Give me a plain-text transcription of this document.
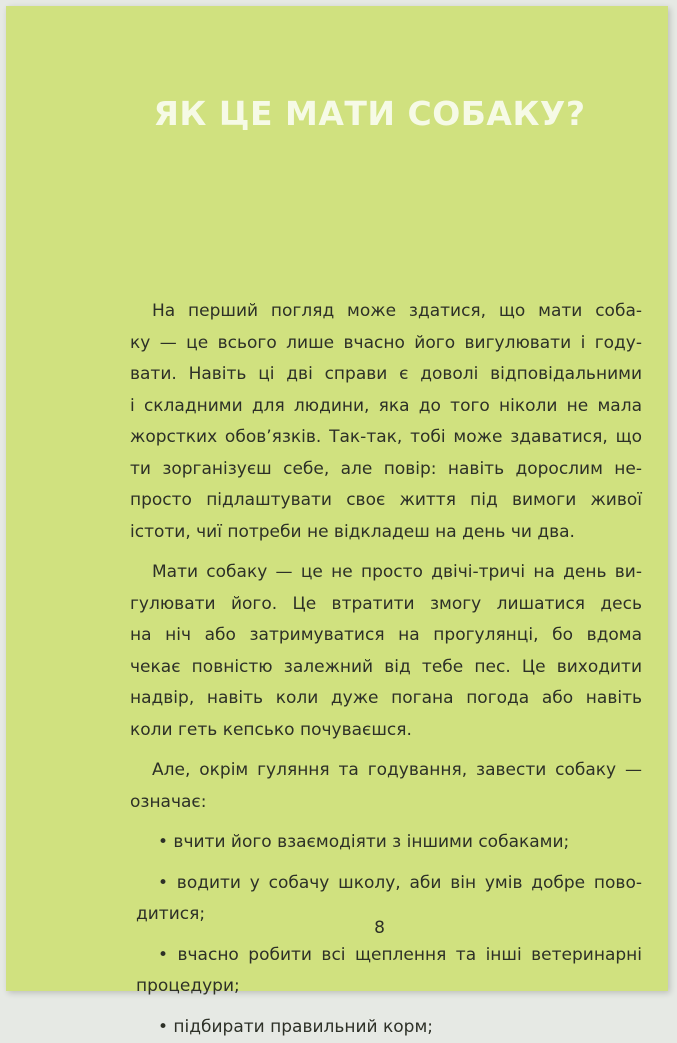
ЯК ЦЕ МАТИ СОБАКУ?
На перший погляд може здатися, що мати соба-
ку — це всього лише вчасно його вигулювати і году-
вати. Навіть ці дві справи є доволі відповідальними
і складними для людини, яка до того ніколи не мала
жорстких обов’язків. Так-так, тобі може здаватися, що
ти зорганізуєш себе, але повір: навіть дорослим не-
просто підлаштувати своє життя під вимоги живої
істоти, чиї потреби не відкладеш на день чи два.
Мати собаку — це не просто двічі-тричі на день ви-
гулювати його. Це втратити змогу лишатися десь
на ніч або затримуватися на прогулянці, бо вдома
чекає повністю залежний від тебе пес. Це виходити
надвір, навіть коли дуже погана погода або навіть
коли геть кепсько почуваєшся.
Але, окрім гуляння та годування, завести собаку —
означає:
• вчити його взаємодіяти з іншими собаками;
• водити у собачу школу, аби він умів добре пово-
дитися;
• вчасно робити всі щеплення та інші ветеринарні
процедури;
• підбирати правильний корм;
8
